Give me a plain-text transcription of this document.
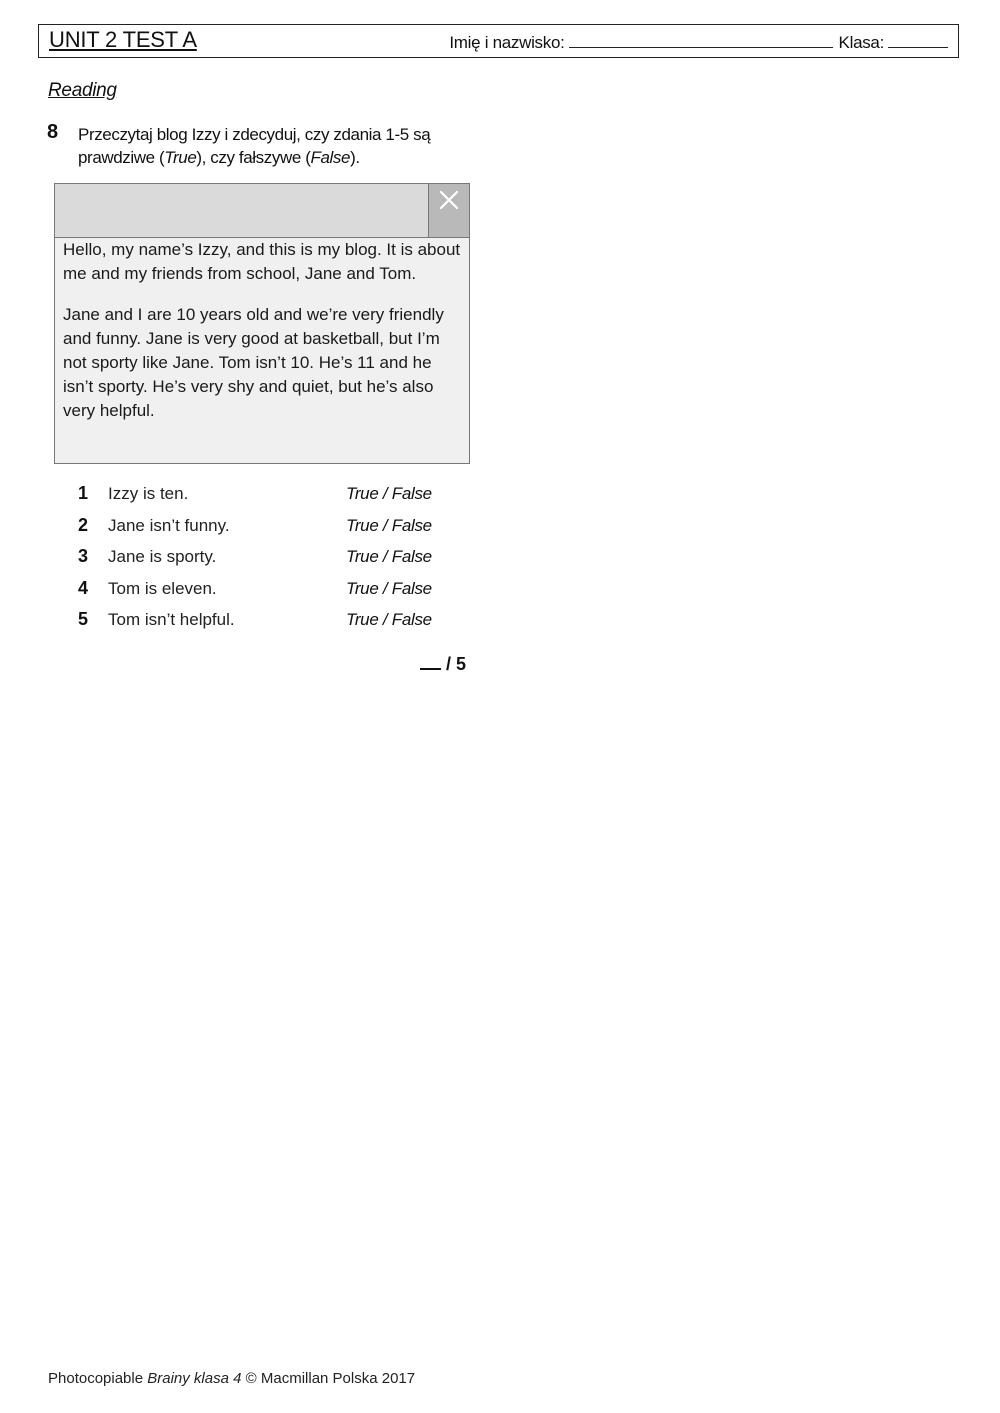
UNIT 2 TEST A	Imię i nazwisko:	Klasa:
Reading
8 Przeczytaj blog Izzy i zdecyduj, czy zdania 1-5 są prawdziwe (True), czy fałszywe (False).

Hello, my name’s Izzy, and this is my blog. It is about me and my friends from school, Jane and Tom.

Jane and I are 10 years old and we’re very friendly and funny. Jane is very good at basketball, but I’m not sporty like Jane. Tom isn’t 10. He’s 11 and he isn’t sporty. He’s very shy and quiet, but he’s also very helpful.

1 Izzy is ten.	True / False
2 Jane isn’t funny.	True / False
3 Jane is sporty.	True / False
4 Tom is eleven.	True / False
5 Tom isn’t helpful.	True / False
/ 5
Photocopiable Brainy klasa 4 © Macmillan Polska 2017
